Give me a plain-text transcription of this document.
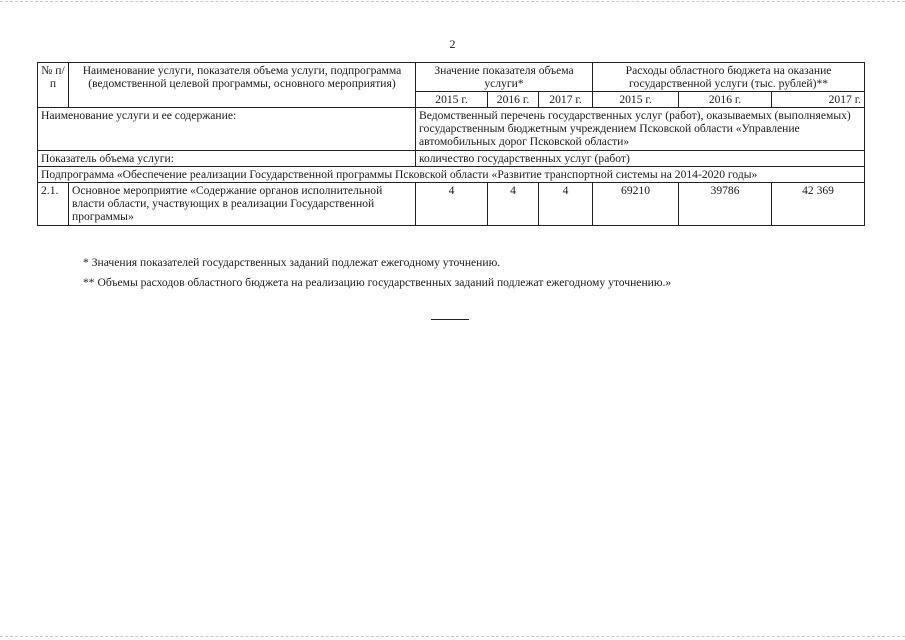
2
№ п/п	Наименование услуги, показателя объема услуги, подпрограмма (ведомственной целевой программы, основного мероприятия)	Значение показателя объема услуги*			Расходы областного бюджета на оказание государственной услуги (тыс. рублей)**		
		2015 г.	2016 г.	2017 г.	2015 г.	2016 г.	2017 г.
Наименование услуги и ее содержание:		Ведомственный перечень государственных услуг (работ), оказываемых (выполняемых) государственным бюджетным учреждением Псковской области «Управление автомобильных дорог Псковской области»					
Показатель объема услуги:		количество государственных услуг (работ)					
Подпрограмма «Обеспечение реализации Государственной программы Псковской области «Развитие транспортной системы на 2014-2020 годы»							
2.1.	Основное мероприятие «Содержание органов исполнительной власти области, участвующих в реализации Государственной программы»	4	4	4	69210	39786	42 369
* Значения показателей государственных заданий подлежат ежегодному уточнению.
** Объемы расходов областного бюджета на реализацию государственных заданий подлежат ежегодному уточнению.»
